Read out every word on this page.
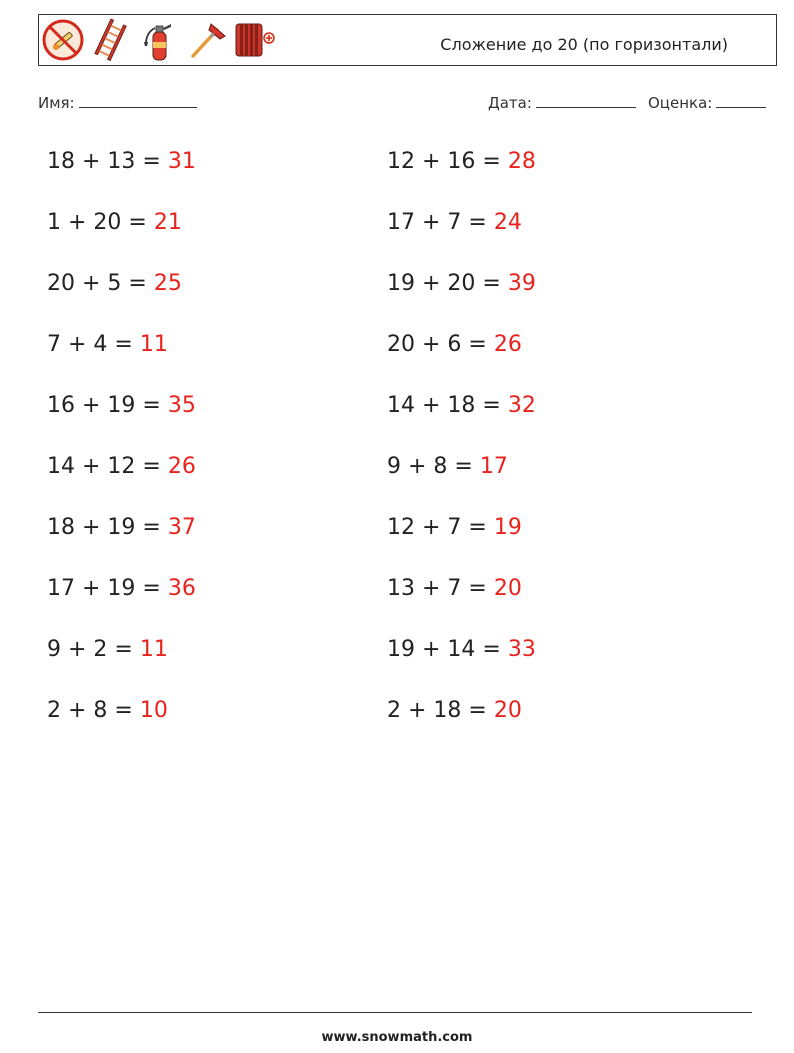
Сложение до 20 (по горизонтали)
Имя:	Дата:	Оценка:
18 + 13 = 31
1 + 20 = 21
20 + 5 = 25
7 + 4 = 11
16 + 19 = 35
14 + 12 = 26
18 + 19 = 37
17 + 19 = 36
9 + 2 = 11
2 + 8 = 10
12 + 16 = 28
17 + 7 = 24
19 + 20 = 39
20 + 6 = 26
14 + 18 = 32
9 + 8 = 17
12 + 7 = 19
13 + 7 = 20
19 + 14 = 33
2 + 18 = 20
www.snowmath.com
